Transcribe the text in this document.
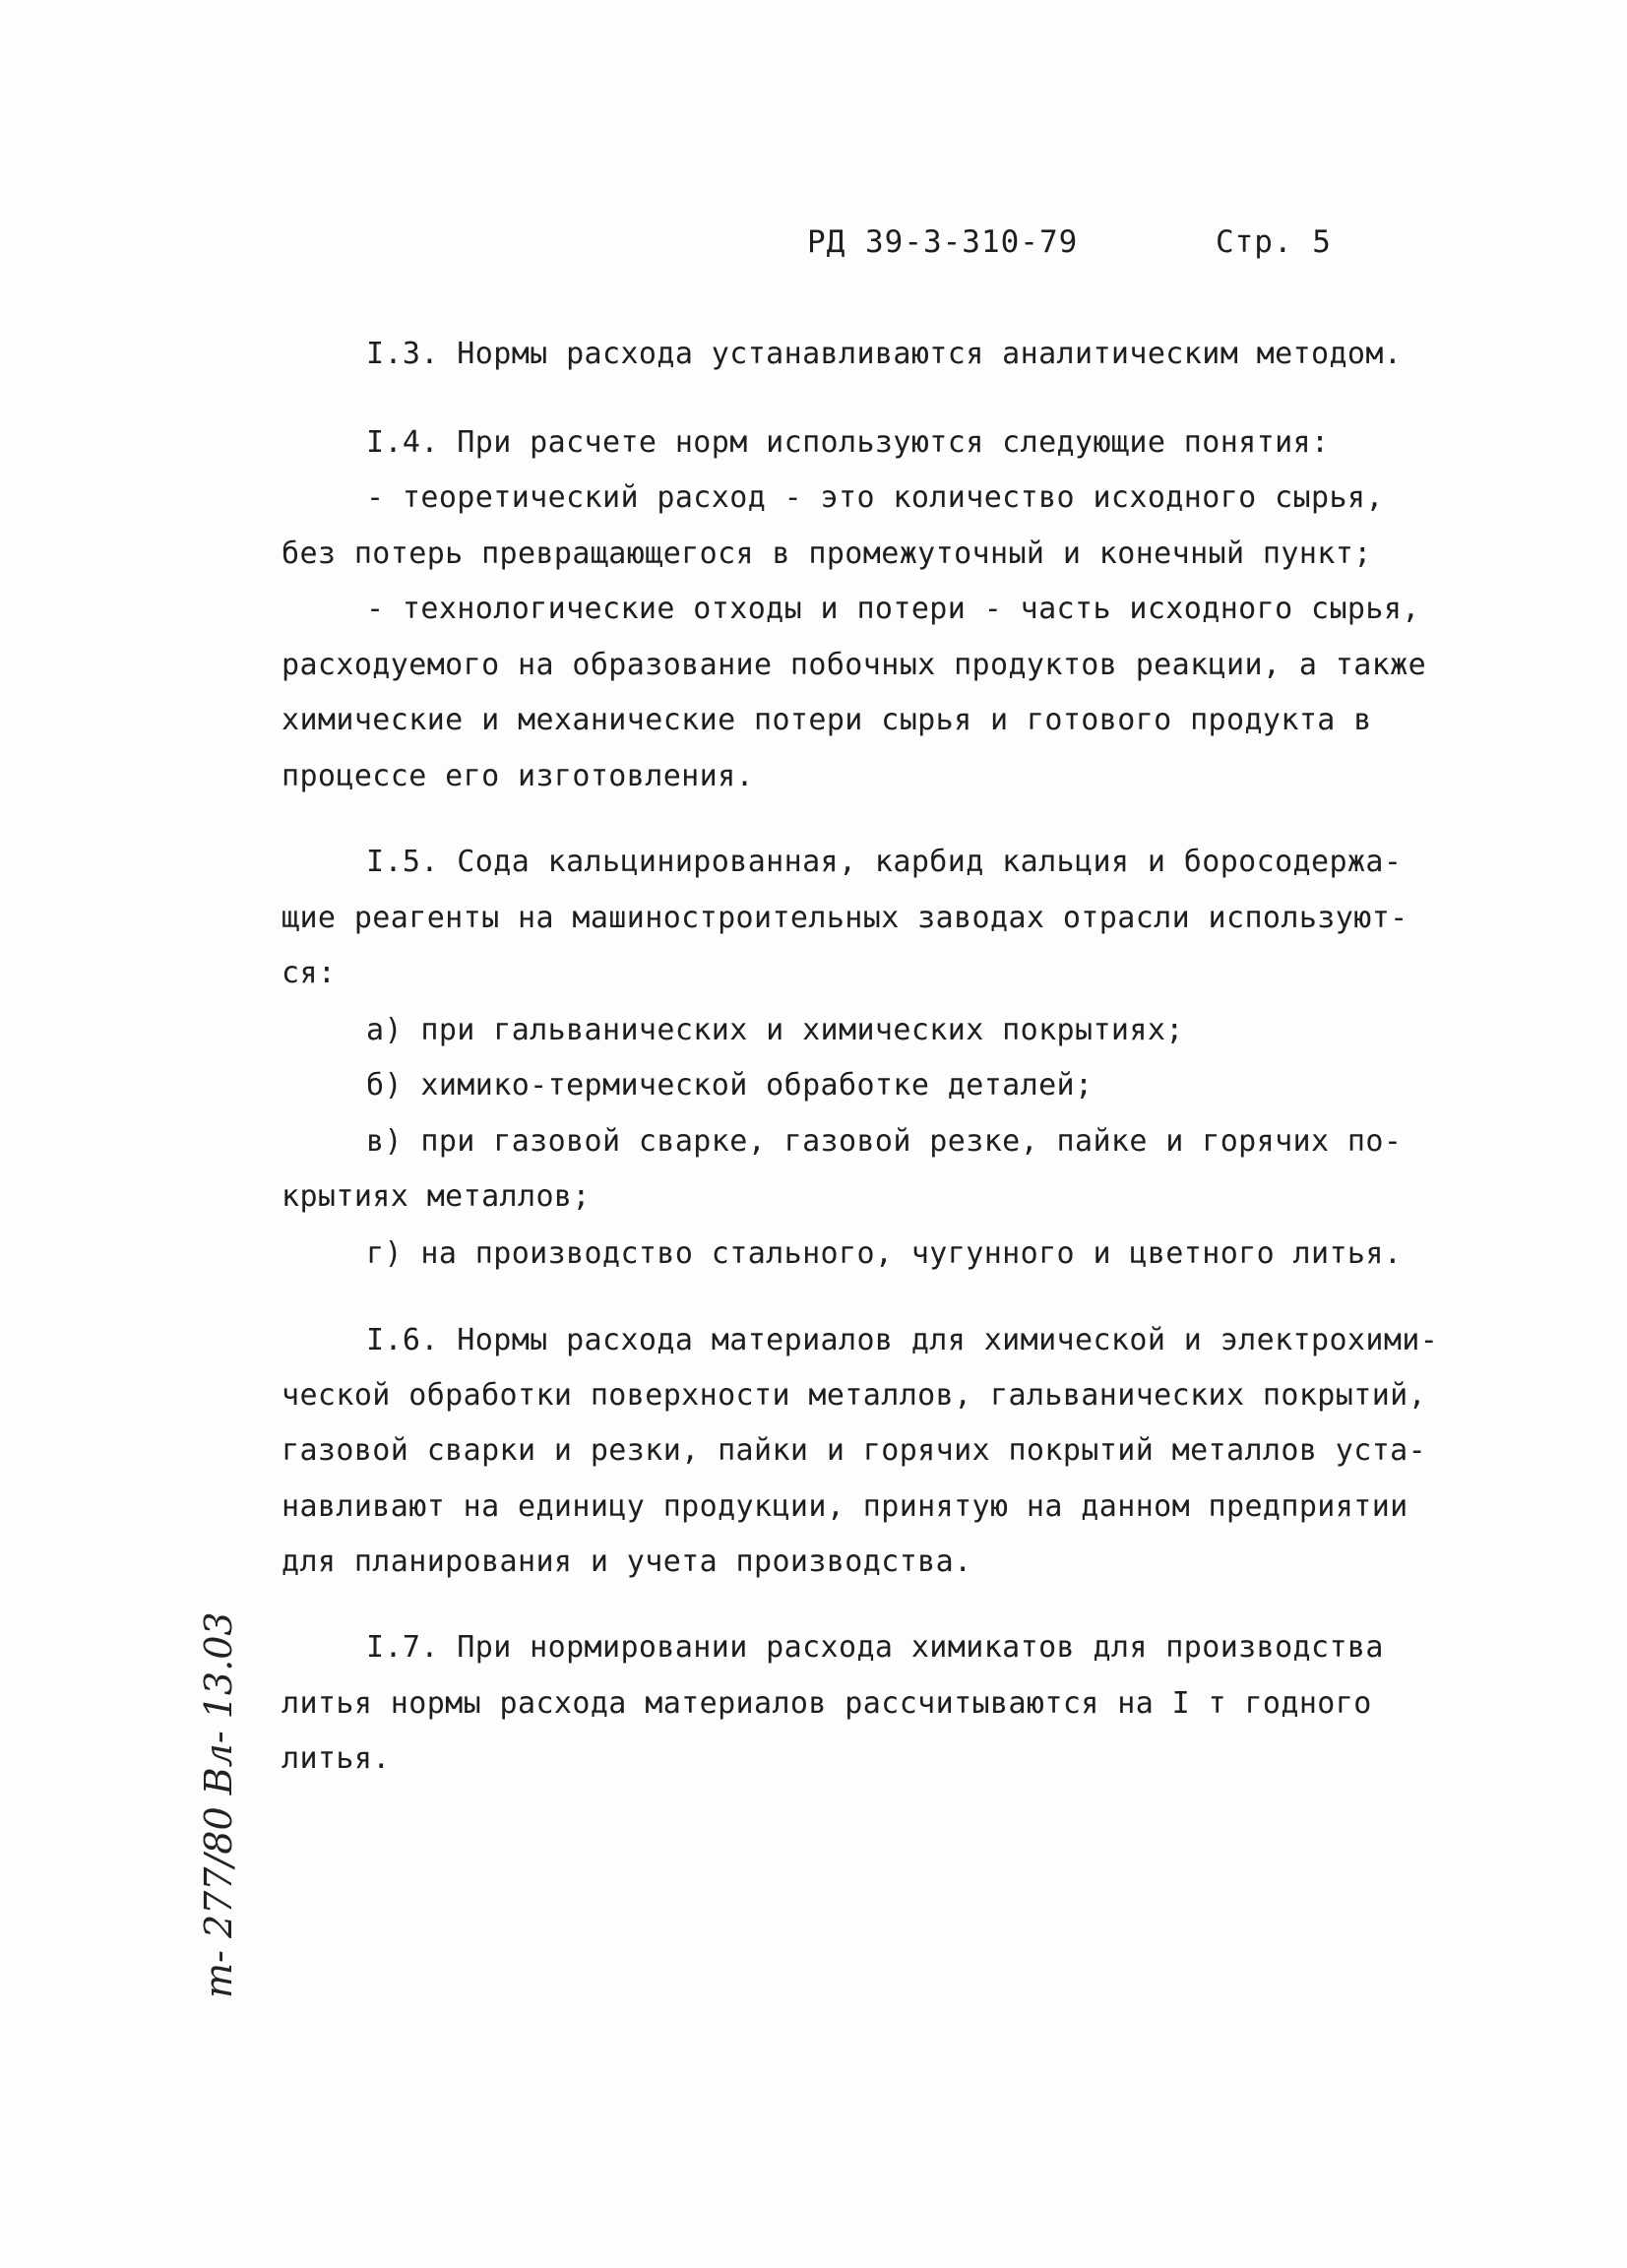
РД 39-3-310-79	Стр. 5
I.3. Нормы расхода устанавливаются аналитическим методом.
I.4. При расчете норм используются следующие понятия:
- теоретический расход - это количество исходного сырья,
без потерь превращающегося в промежуточный и конечный пункт;
- технологические отходы и потери - часть исходного сырья,
расходуемого на образование побочных продуктов реакции, а также
химические и механические потери сырья и готового продукта в
процессе его изготовления.
I.5. Сода кальцинированная, карбид кальция и боросодержа-
щие реагенты на машиностроительных заводах отрасли используют-
ся:
а) при гальванических и химических покрытиях;
б) химико-термической обработке деталей;
в) при газовой сварке, газовой резке, пайке и горячих по-
крытиях металлов;
г) на производство стального, чугунного и цветного литья.
I.6. Нормы расхода материалов для химической и электрохими-
ческой обработки поверхности металлов, гальванических покрытий,
газовой сварки и резки, пайки и горячих покрытий металлов уста-
навливают на единицу продукции, принятую на данном предприятии
для планирования и учета производства.
I.7. При нормировании расхода химикатов для производства
литья нормы расхода материалов рассчитываются на I т годного
литья.
т- 277/80 Вл- 13.03
